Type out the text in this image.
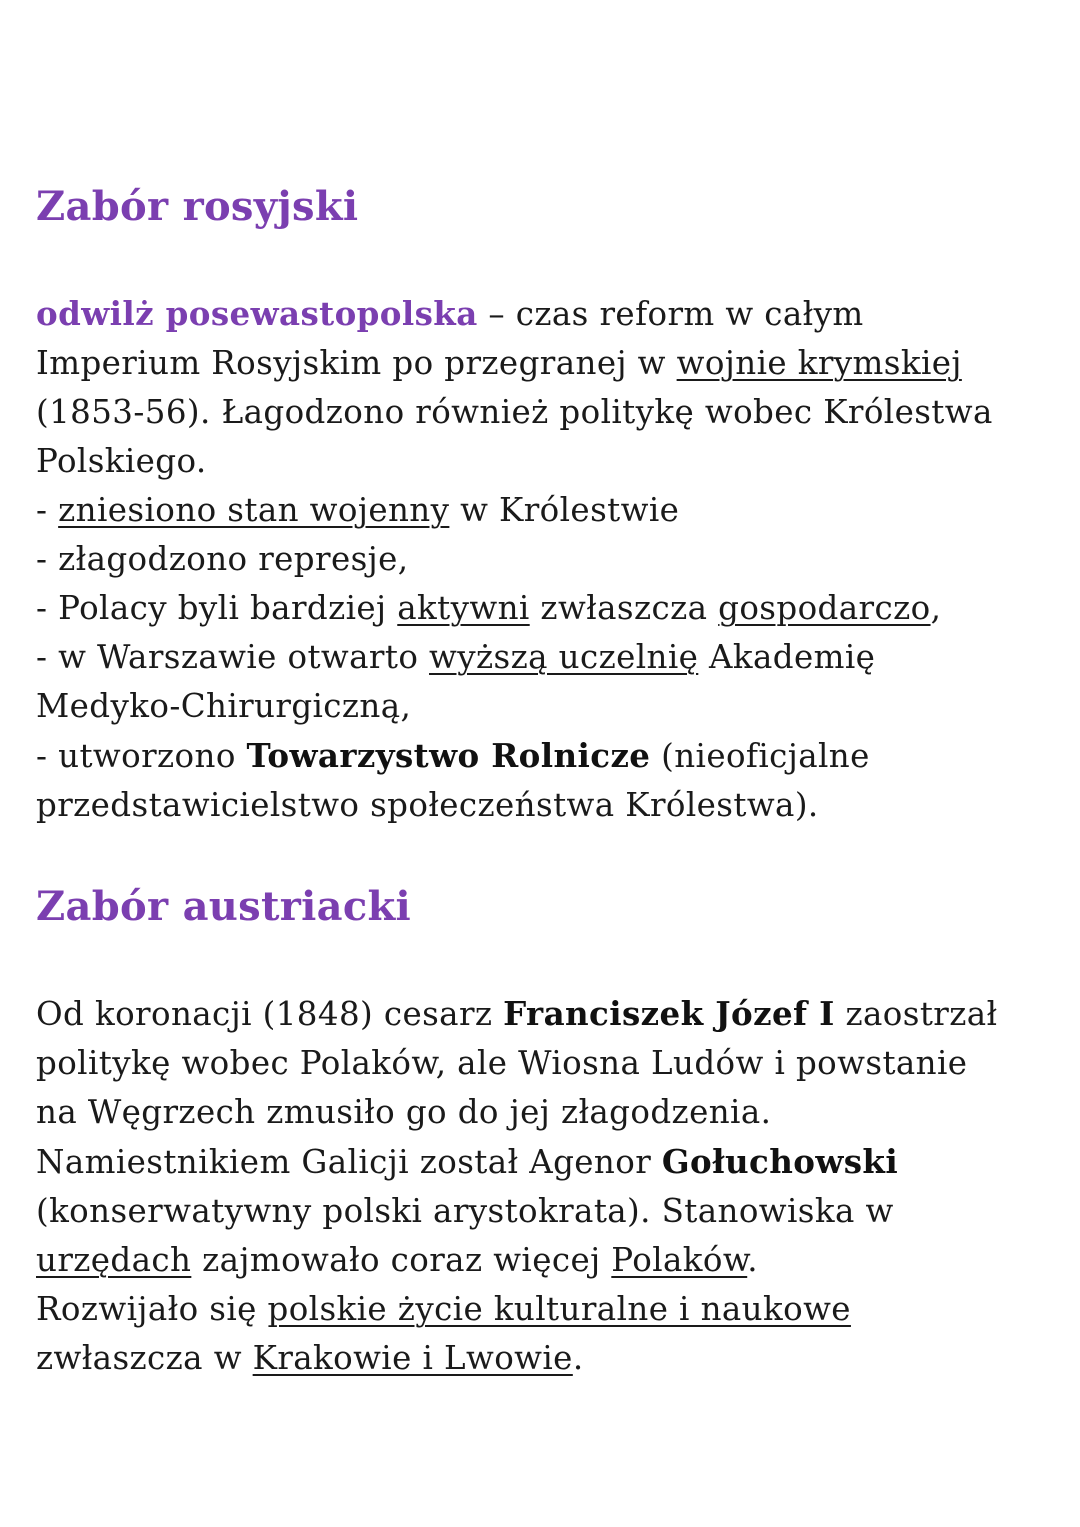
Zabór rosyjski
odwilż posewastopolska – czas reform w całym
Imperium Rosyjskim po przegranej w wojnie krymskiej
(1853-56). Łagodzono również politykę wobec Królestwa
Polskiego.
- zniesiono stan wojenny w Królestwie
- złagodzono represje,
- Polacy byli bardziej aktywni zwłaszcza gospodarczo,
- w Warszawie otwarto wyższą uczelnię Akademię
Medyko-Chirurgiczną,
- utworzono Towarzystwo Rolnicze (nieoficjalne
przedstawicielstwo społeczeństwa Królestwa).
Zabór austriacki
Od koronacji (1848) cesarz Franciszek Józef I zaostrzał
politykę wobec Polaków, ale Wiosna Ludów i powstanie
na Węgrzech zmusiło go do jej złagodzenia.
Namiestnikiem Galicji został Agenor Gołuchowski
(konserwatywny polski arystokrata). Stanowiska w
urzędach zajmowało coraz więcej Polaków.
Rozwijało się polskie życie kulturalne i naukowe
zwłaszcza w Krakowie i Lwowie.
